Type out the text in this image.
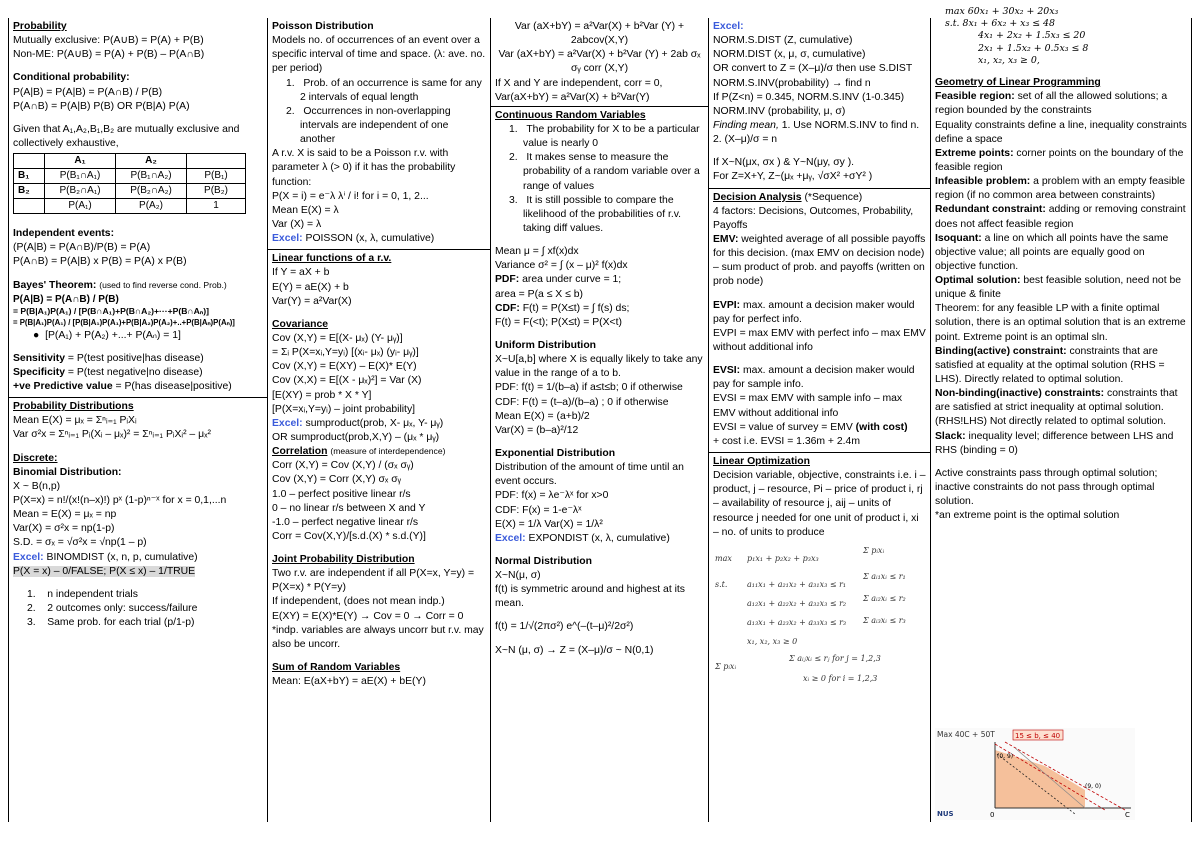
Probability
Mutually exclusive: P(A∪B) = P(A) + P(B)
Non-ME: P(A∪B) = P(A) + P(B) – P(A∩B)
Conditional probability:
P(A|B) = P(A|B) = P(A∩B) / P(B)
P(A∩B) = P(A|B) P(B) OR P(B|A) P(A)
Given that A₁,A₂,B₁,B₂ are mutually exclusive and collectively exhaustive,
	A₁	A₂	
B₁	P(B₁∩A₁)	P(B₁∩A₂)	P(B₁)
B₂	P(B₂∩A₁)	P(B₂∩A₂)	P(B₂)
	P(A₁)	P(A₂)	1
Independent events:
(P(A|B) = P(A∩B)/P(B) = P(A)
P(A∩B) = P(A|B) x P(B) = P(A) x P(B)
Bayes' Theorem: (used to find reverse cond. Prob.)
P(A|B) = P(A∩B) / P(B)
= P(B|A₁)P(A₁) / [P(B∩A₁)+P(B∩A₂)+···+P(B∩Aₙ)]
= P(B|A₁)P(A₁) / [P(B|A₁)P(A₁)+P(B|A₂)P(A₂)+..+P(B|Aₙ)P(Aₙ)]
●  [P(A₁) + P(A₂) +...+ P(Aₙ) = 1]
Sensitivity = P(test positive|has disease)
Specificity = P(test negative|no disease)
+ve Predictive value = P(has disease|positive)
Probability Distributions
Mean E(X) = μₓ = Σⁿᵢ₌₁ PᵢXᵢ
Var σ²x = Σⁿᵢ₌₁ Pᵢ(Xᵢ – μₓ)² = Σⁿᵢ₌₁ PᵢXᵢ² – μₓ²
Discrete:
Binomial Distribution:
X ~ B(n,p)
P(X=x) = n!/(x!(n–x)!) pˣ (1-p)ⁿ⁻ˣ for x = 0,1,...n
Mean = E(X) = μₓ = np
Var(X) = σ²x = np(1-p)
S.D. = σₓ = √σ²x = √np(1 – p)
Excel: BINOMDIST (x, n, p, cumulative)
P(X = x) – 0/FALSE; P(X ≤ x) – 1/TRUE
1.    n independent trials
2.    2 outcomes only: success/failure
3.    Same prob. for each trial (p/1-p)
Poisson Distribution
Models no. of occurrences of an event over a specific interval of time and space. (λ: ave. no. per period)
1.   Prob. of an occurrence is same for any 2 intervals of equal length
2.   Occurrences in non-overlapping intervals are independent of one another
A r.v. X is said to be a Poisson r.v. with parameter λ (> 0) if it has the probability function:
P(X = i) = e⁻λ λⁱ / i! for i = 0, 1, 2...
Mean E(X) = λ
Var (X) = λ
Excel: POISSON (x, λ, cumulative)
Linear functions of a r.v.
If Y = aX + b
E(Y) = aE(X) + b
Var(Y) = a²Var(X)
Covariance
Cov (X,Y) = E[(X- μₓ) (Y- μᵧ)]
= Σᵢ P(X=xᵢ,Y=yᵢ) [(xᵢ- μₓ) (yᵢ- μᵧ)]
Cov (X,Y) = E(XY) – E(X)* E(Y)
Cov (X,X) = E[(X - μₓ)²] = Var (X)
[E(XY) = prob * X * Y]
[P(X=xᵢ,Y=yᵢ) – joint probability]
Excel: sumproduct(prob, X- μₓ, Y- μᵧ)
OR sumproduct(prob,X,Y) – (μₓ * μᵧ)
Correlation (measure of interdependence)
Corr (X,Y) = Cov (X,Y) / (σₓ σᵧ)
Cov (X,Y) = Corr (X,Y) σₓ σᵧ
1.0 – perfect positive linear r/s
0 – no linear r/s between X and Y
-1.0 – perfect negative linear r/s
Corr = Cov(X,Y)/[s.d.(X) * s.d.(Y)]
Joint Probability Distribution
Two r.v. are independent if all P(X=x, Y=y) = P(X=x) * P(Y=y)
If independent, (does not mean indp.)
E(XY) = E(X)*E(Y) → Cov = 0 → Corr = 0
*indp. variables are always uncorr but r.v. may also be uncorr.
Sum of Random Variables
Mean: E(aX+bY) = aE(X) + bE(Y)
Var (aX+bY) = a²Var(X) + b²Var (Y) + 2abcov(X,Y)
Var (aX+bY) = a²Var(X) + b²Var (Y) + 2ab σₓ σᵧ corr (X,Y)
If X and Y are independent, corr = 0,
Var(aX+bY) = a²Var(X) + b²Var(Y)
Continuous Random Variables
1.   The probability for X to be a particular value is nearly 0
2.   It makes sense to measure the probability of a random variable over a range of values
3.   It is still possible to compare the likelihood of the probabilities of r.v. taking diff values.
Mean μ = ∫ xf(x)dx
Variance σ² = ∫ (x – μ)² f(x)dx
PDF: area under curve = 1;
area = P(a ≤ X ≤ b)
CDF: F(t) = P(X≤t) = ∫ f(s) ds;
F(t) = F(<t); P(X≤t) = P(X<t)
Uniform Distribution
X~U[a,b] where X is equally likely to take any value in the range of a to b.
PDF: f(t) = 1/(b–a) if a≤t≤b; 0 if otherwise
CDF: F(t) = (t–a)/(b–a) ; 0 if otherwise
Mean E(X) = (a+b)/2
Var(X) = (b–a)²/12
Exponential Distribution
Distribution of the amount of time until an event occurs.
PDF: f(x) = λe⁻λˣ for x>0
CDF: F(x) = 1-e⁻λˣ
E(X) = 1/λ Var(X) = 1/λ²
Excel: EXPONDIST (x, λ, cumulative)
Normal Distribution
X~N(μ, σ)
f(t) is symmetric around and highest at its mean.
f(t) = 1/√(2πσ²) e^(–(t–μ)²/2σ²)
X~N (μ, σ) → Z = (X–μ)/σ ~ N(0,1)
Excel:
NORM.S.DIST (Z, cumulative)
NORM.DIST (x, μ, σ, cumulative)
OR convert to Z = (X–μ)/σ then use S.DIST
NORM.S.INV(probability) → find n
If P(Z<n) = 0.345, NORM.S.INV (1-0.345)
NORM.INV (probability, μ, σ)
Finding mean, 1. Use NORM.S.INV to find n. 2. (X–μ)/σ = n
If X~N(μx, σx ) & Y~N(μy, σy ).
For Z=X+Y, Z~(μₓ +μᵧ, √σX² +σY² )
Decision Analysis (*Sequence)
4 factors: Decisions, Outcomes, Probability, Payoffs
EMV: weighted average of all possible payoffs for this decision. (max EMV on decision node) – sum product of prob. and payoffs (written on prob node)
EVPI: max. amount a decision maker would pay for perfect info.
EVPI = max EMV with perfect info – max EMV without additional info
EVSI: max. amount a decision maker would pay for sample info.
EVSI = max EMV with sample info – max EMV without additional info
EVSI = value of survey = EMV (with cost)
+ cost i.e. EVSI = 1.36m + 2.4m
Linear Optimization
Decision variable, objective, constraints i.e. i – product, j – resource, Pi – price of product i, rj – availability of resource j, aij – units of resource j needed for one unit of product i, xi – no. of units to produce
max p₁x₁ + p₂x₂ + p₃x₃
s.t. a₁₁x₁ + a₂₁x₂ + a₃₁x₃ ≤ r₁
a₁₂x₁ + a₂₂x₂ + a₃₂x₃ ≤ r₂
a₁₃x₁ + a₂₃x₂ + a₃₃x₃ ≤ r₃
x₁, x₂, x₃ ≥ 0
Σ pᵢxᵢ
Σ aᵢ₁xᵢ ≤ r₁
Σ aᵢ₂xᵢ ≤ r₂
Σ aᵢ₃xᵢ ≤ r₃
Σ pᵢxᵢ
Σ aᵢⱼxᵢ ≤ rⱼ for j = 1,2,3
xᵢ ≥ 0 for i = 1,2,3
max 60x₁ + 30x₂ + 20x₃
s.t. 8x₁ + 6x₂ + x₃ ≤ 48
4x₁ + 2x₂ + 1.5x₃ ≤ 20
2x₁ + 1.5x₂ + 0.5x₃ ≤ 8
x₁, x₂, x₃ ≥ 0,
Geometry of Linear Programming
Feasible region: set of all the allowed solutions; a region bounded by the constraints
Equality constraints define a line, inequality constraints define a space
Extreme points: corner points on the boundary of the feasible region
Infeasible problem: a problem with an empty feasible region (if no common area between constraints)
Redundant constraint: adding or removing constraint does not affect feasible region
Isoquant: a line on which all points have the same objective value; all points are equally good on objective function.
Optimal solution: best feasible solution, need not be unique & finite
Theorem: for any feasible LP with a finite optimal solution, there is an optimal solution that is an extreme point. Extreme point is an optimal sln.
Binding(active) constraint: constraints that are satisfied at equality at the optimal solution (RHS = LHS). Directly related to optimal solution.
Non-binding(inactive) constraints: constraints that are satisfied at strict inequality at optimal solution. (RHS!LHS) Not directly related to optimal solution.
Slack: inequality level; difference between LHS and RHS (binding = 0)
Active constraints pass through optimal solution; inactive constraints do not pass through optimal solution.
*an extreme point is the optimal solution
Max 40C + 50T	15 ≤ b, ≤ 40
(0, 9)
(9, 0)
0	C
NUS
